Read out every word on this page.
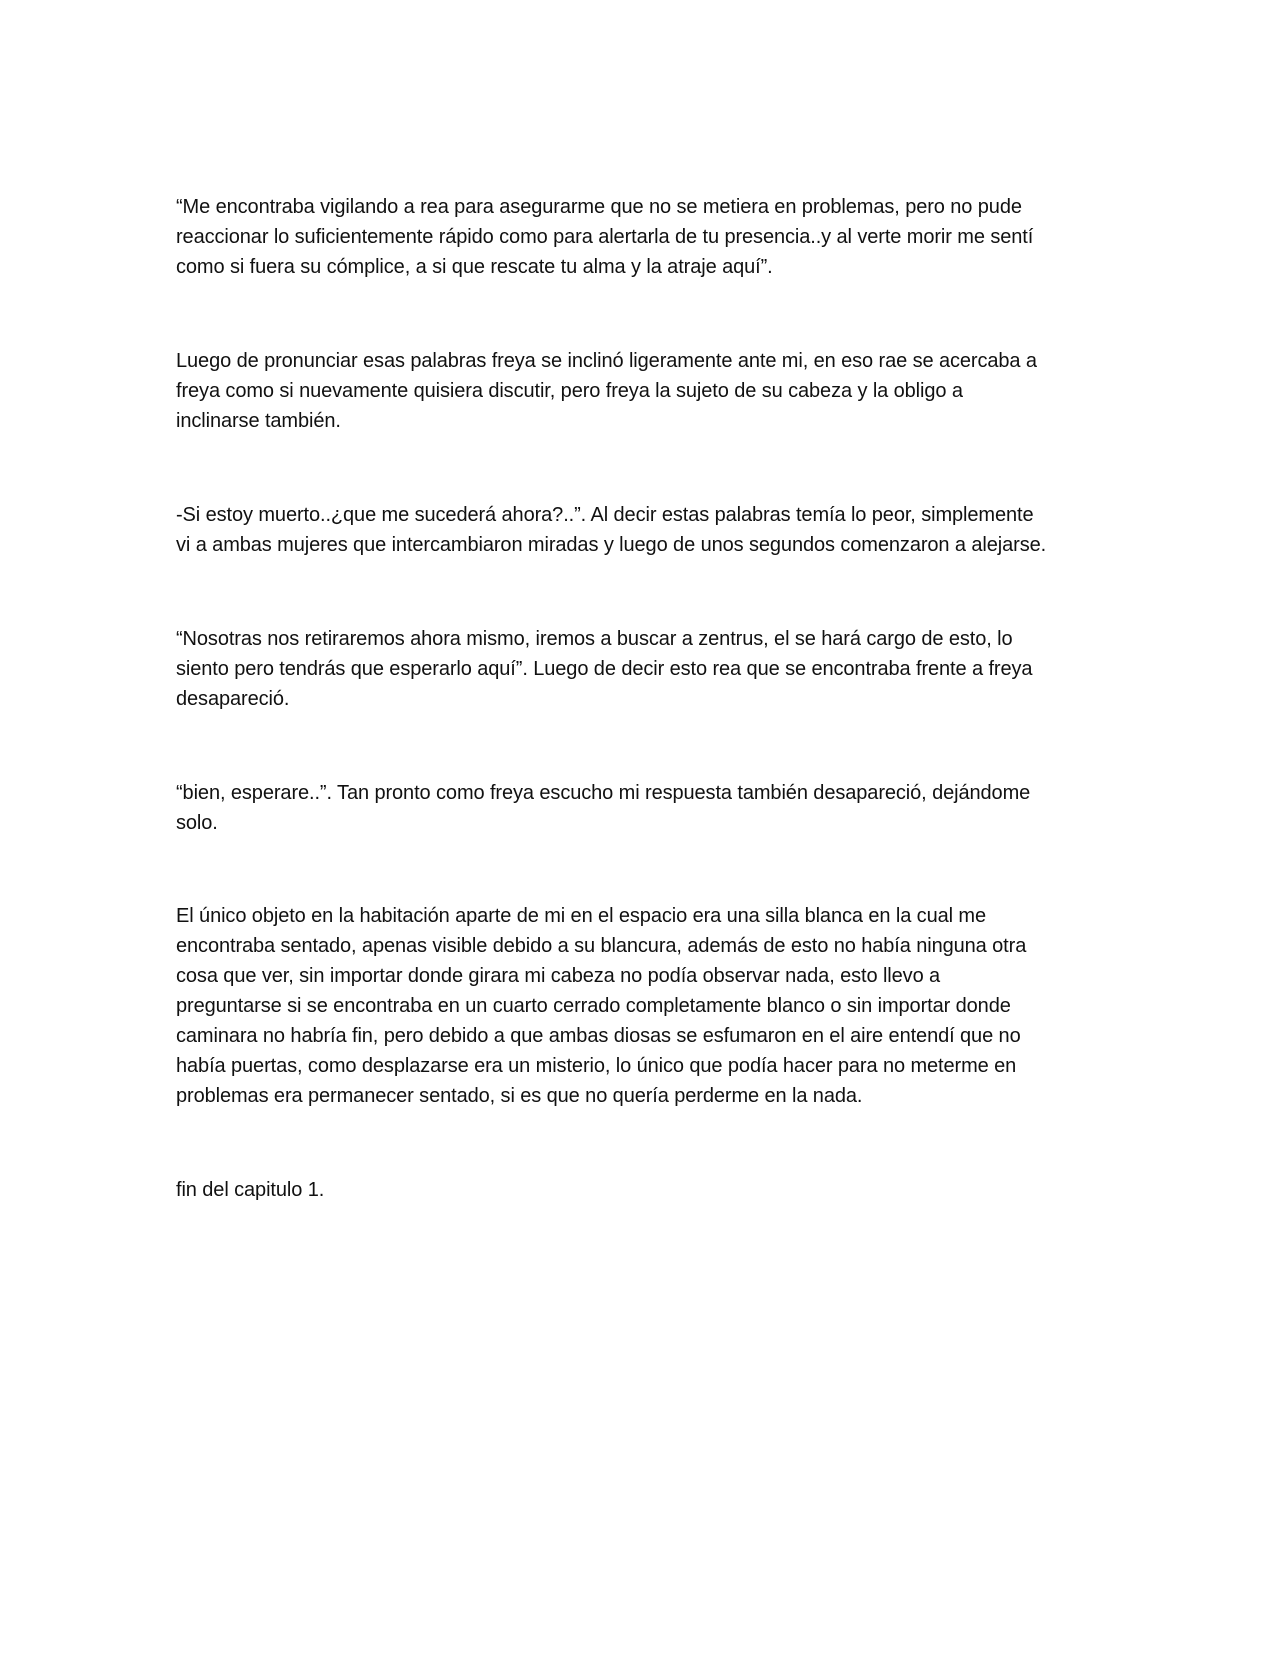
“Me encontraba vigilando a rea para asegurarme que no se metiera en problemas, pero no pude
reaccionar lo suficientemente rápido como para alertarla de tu presencia..y al verte morir me sentí
como si fuera su cómplice, a si que rescate tu alma y la atraje aquí”.

Luego de pronunciar esas palabras freya se inclinó ligeramente ante mi, en eso rae se acercaba a
freya como si nuevamente quisiera discutir, pero freya la sujeto de su cabeza y la obligo a
inclinarse también.

-Si estoy muerto..¿que me sucederá ahora?..”. Al decir estas palabras temía lo peor, simplemente
vi a ambas mujeres que intercambiaron miradas y luego de unos segundos comenzaron a alejarse.

“Nosotras nos retiraremos ahora mismo, iremos a buscar a zentrus, el se hará cargo de esto, lo
siento pero tendrás que esperarlo aquí”. Luego de decir esto rea que se encontraba frente a freya
desapareció.

“bien, esperare..”. Tan pronto como freya escucho mi respuesta también desapareció, dejándome
solo.

El único objeto en la habitación aparte de mi en el espacio era una silla blanca en la cual me
encontraba sentado, apenas visible debido a su blancura, además de esto no había ninguna otra
cosa que ver, sin importar donde girara mi cabeza no podía observar nada, esto llevo a
preguntarse si se encontraba en un cuarto cerrado completamente blanco o sin importar donde
caminara no habría fin, pero debido a que ambas diosas se esfumaron en el aire entendí que no
había puertas, como desplazarse era un misterio, lo único que podía hacer para no meterme en
problemas era permanecer sentado, si es que no quería perderme en la nada.

fin del capitulo 1.
